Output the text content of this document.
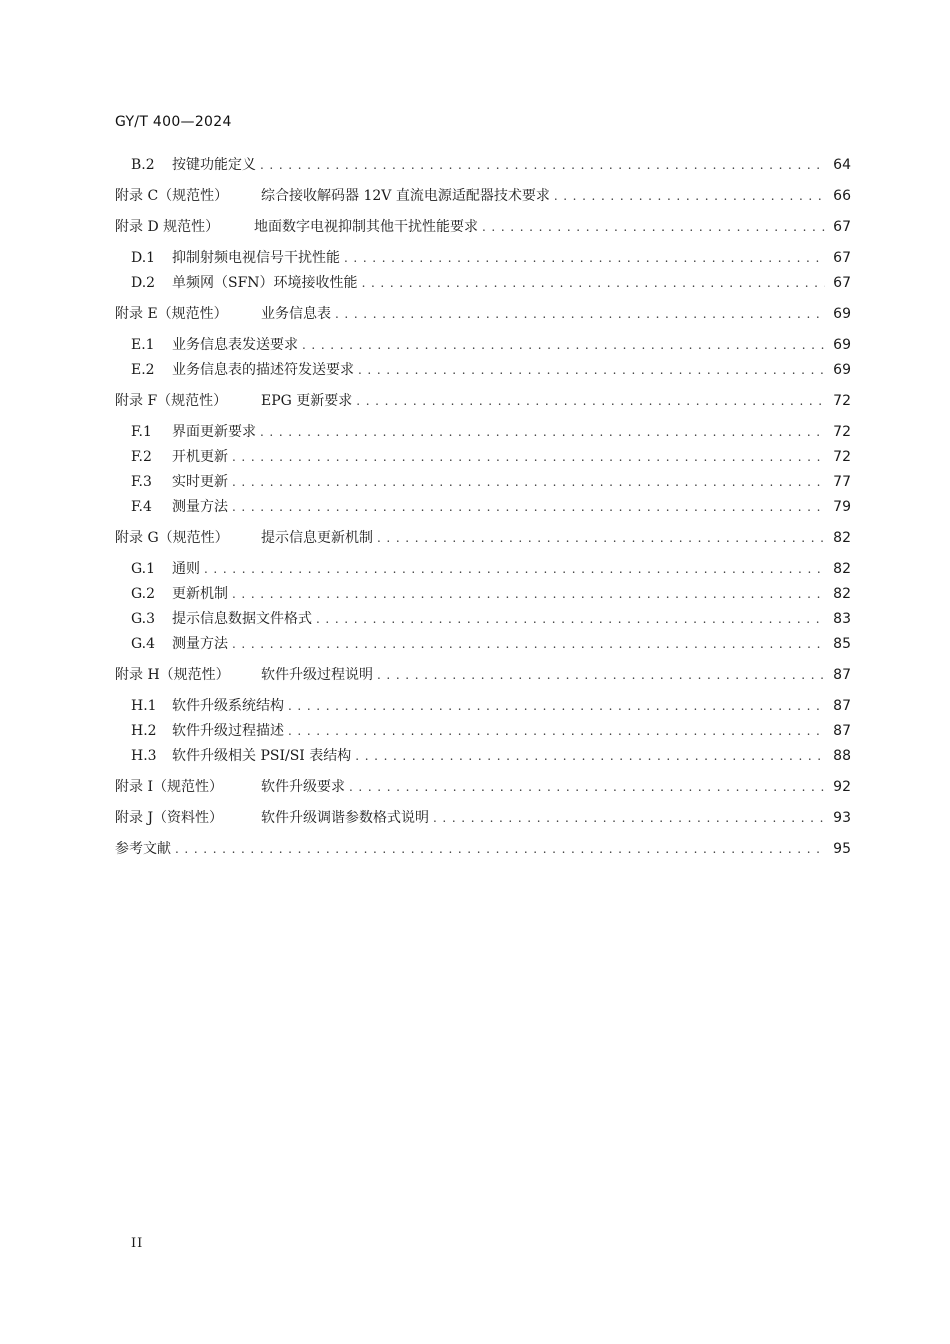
GY/T 400—2024
B.2	按键功能定义 . . .	64
附录 C（规范性）	综合接收解码器 12V 直流电源适配器技术要求 . . .	66
附录 D 规范性）	地面数字电视抑制其他干扰性能要求 . . .	67
D.1	抑制射频电视信号干扰性能 . . .	67
D.2	单频网（SFN）环境接收性能 . . .	67
附录 E（规范性）	业务信息表 . . .	69
E.1	业务信息表发送要求 . . .	69
E.2	业务信息表的描述符发送要求 . . .	69
附录 F（规范性）	EPG 更新要求 . . .	72
F.1	界面更新要求 . . .	72
F.2	开机更新 . . .	72
F.3	实时更新 . . .	77
F.4	测量方法 . . .	79
附录 G（规范性）	提示信息更新机制 . . .	82
G.1	通则 . . .	82
G.2	更新机制 . . .	82
G.3	提示信息数据文件格式 . . .	83
G.4	测量方法 . . .	85
附录 H（规范性）	软件升级过程说明 . . .	87
H.1	软件升级系统结构 . . .	87
H.2	软件升级过程描述 . . .	87
H.3	软件升级相关 PSI/SI 表结构 . . .	88
附录 I（规范性）	软件升级要求 . . .	92
附录 J（资料性）	软件升级调谐参数格式说明 . . .	93
参考文献 . . .	95
II
